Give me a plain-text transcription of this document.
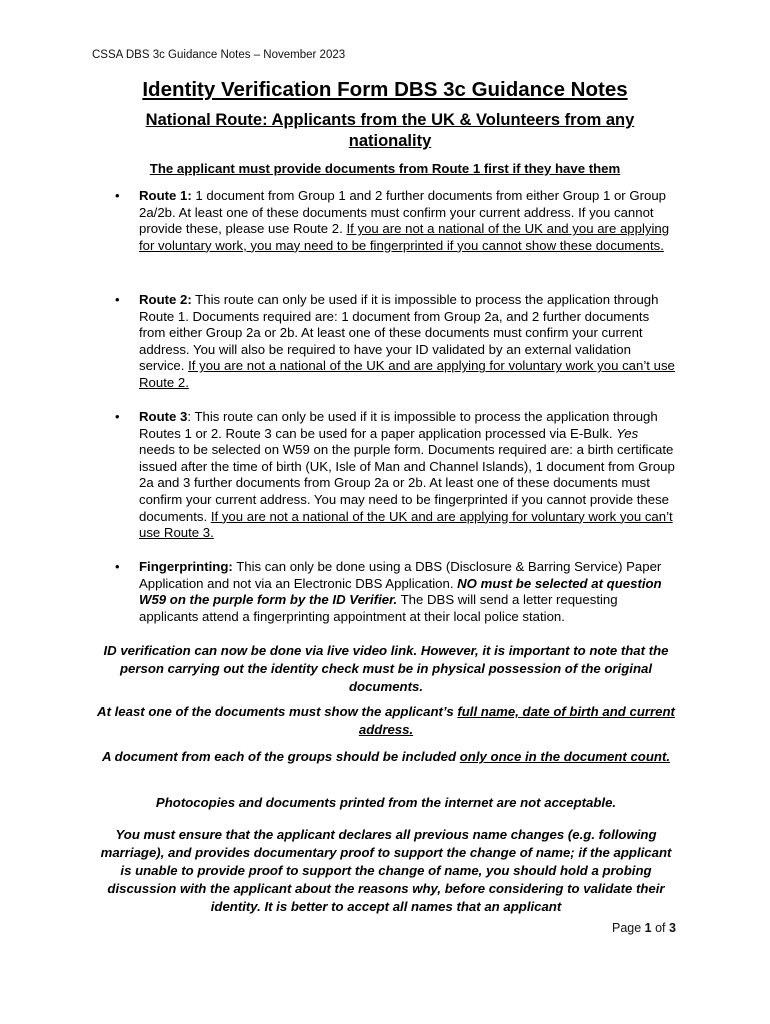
CSSA DBS 3c Guidance Notes – November 2023
Identity Verification Form DBS 3c Guidance Notes
National Route: Applicants from the UK & Volunteers from any nationality
The applicant must provide documents from Route 1 first if they have them
• Route 1: 1 document from Group 1 and 2 further documents from either Group 1 or Group 2a/2b. At least one of these documents must confirm your current address. If you cannot provide these, please use Route 2. If you are not a national of the UK and you are applying for voluntary work, you may need to be fingerprinted if you cannot show these documents.
• Route 2: This route can only be used if it is impossible to process the application through Route 1. Documents required are: 1 document from Group 2a, and 2 further documents from either Group 2a or 2b. At least one of these documents must confirm your current address. You will also be required to have your ID validated by an external validation service. If you are not a national of the UK and are applying for voluntary work you can’t use Route 2.
• Route 3: This route can only be used if it is impossible to process the application through Routes 1 or 2. Route 3 can be used for a paper application processed via E-Bulk. Yes needs to be selected on W59 on the purple form. Documents required are: a birth certificate issued after the time of birth (UK, Isle of Man and Channel Islands), 1 document from Group 2a and 3 further documents from Group 2a or 2b. At least one of these documents must confirm your current address. You may need to be fingerprinted if you cannot provide these documents. If you are not a national of the UK and are applying for voluntary work you can’t use Route 3.
• Fingerprinting: This can only be done using a DBS (Disclosure & Barring Service) Paper Application and not via an Electronic DBS Application. NO must be selected at question W59 on the purple form by the ID Verifier. The DBS will send a letter requesting applicants attend a fingerprinting appointment at their local police station.
ID verification can now be done via live video link. However, it is important to note that the person carrying out the identity check must be in physical possession of the original documents.
At least one of the documents must show the applicant’s full name, date of birth and current address.
A document from each of the groups should be included only once in the document count.
Photocopies and documents printed from the internet are not acceptable.
You must ensure that the applicant declares all previous name changes (e.g. following marriage), and provides documentary proof to support the change of name; if the applicant is unable to provide proof to support the change of name, you should hold a probing discussion with the applicant about the reasons why, before considering to validate their identity. It is better to accept all names that an applicant
Page 1 of 3
